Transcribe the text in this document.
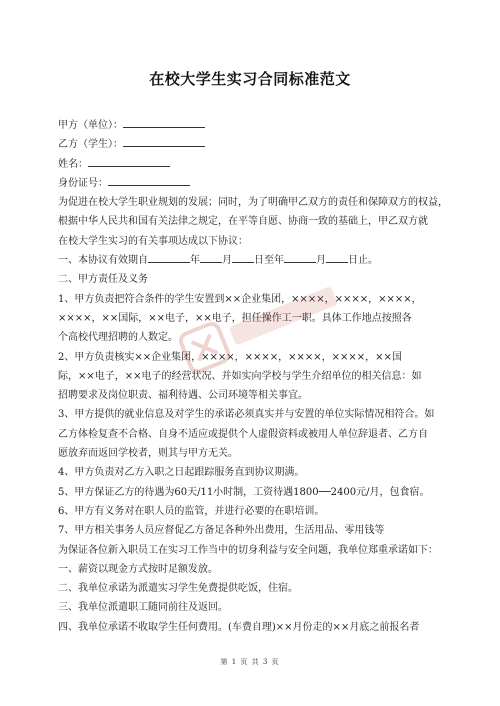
在校大学生实习合同标准范文
甲方（单位）：
乙方（学生）：
姓名：
身份证号：
为促进在校大学生职业规划的发展；同时，为了明确甲乙双方的责任和保障双方的权益，
根据中华人民共和国有关法律之规定，在平等自愿、协商一致的基础上，甲乙双方就
在校大学生实习的有关事项达成以下协议：
一、本协议有效期自	年 月 日至年	月 日止。
二、甲方责任及义务
1、甲方负责把符合条件的学生安置到××企业集团，××××，××××，××××，
××××，××国际，××电子，××电子，担任操作工一职。具体工作地点按照各
个高校代理招聘的人数定。
2、甲方负责核实××企业集团，××××，××××，××××，××××，××国
际，××电子，××电子的经营状况、并如实向学校与学生介绍单位的相关信息：如
招聘要求及岗位职责、福利待遇、公司环境等相关事宜。
3、甲方提供的就业信息及对学生的承诺必须真实并与安置的单位实际情况相符合。如
乙方体检复查不合格、自身不适应或提供个人虚假资料或被用人单位辞退者、乙方自
愿放弃而返回学校者，则其与甲方无关。
4、甲方负责对乙方入职之日起跟踪服务直到协议期满。
5、甲方保证乙方的待遇为60天/11小时制，工资待遇1800──2400元/月，包食宿。
6、甲方有义务对在职人员的监管，并进行必要的在职培训。
7、甲方相关事务人员应督促乙方备足各种外出费用，生活用品、零用钱等
为保证各位新入职员工在实习工作当中的切身利益与安全问题，我单位郑重承诺如下：
一、薪资以现金方式按时足额发放。
二、我单位承诺为派遣实习学生免费提供吃饭，住宿。
三、我单位派遣职工随同前往及返回。
四、我单位承诺不收取学生任何费用。(车费自理)××月份走的××月底之前报名者
第 1 页 共 3 页
